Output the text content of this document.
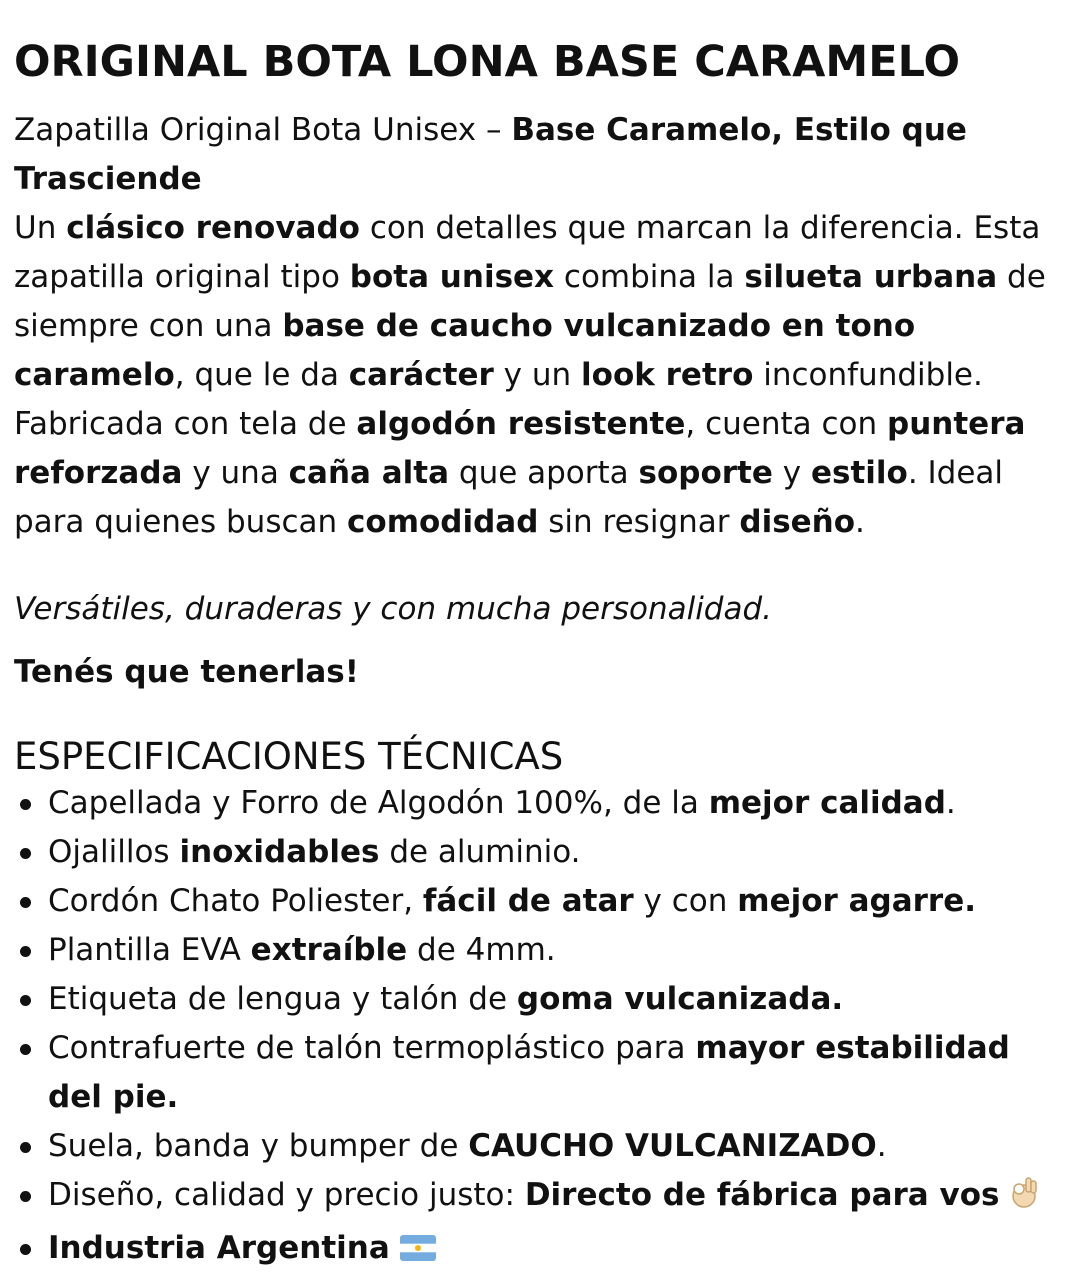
ORIGINAL BOTA LONA BASE CARAMELO

Zapatilla Original Bota Unisex – Base Caramelo, Estilo que Trasciende

Un clásico renovado con detalles que marcan la diferencia. Esta zapatilla original tipo bota unisex combina la silueta urbana de siempre con una base de caucho vulcanizado en tono caramelo, que le da carácter y un look retro inconfundible.

Fabricada con tela de algodón resistente, cuenta con puntera reforzada y una caña alta que aporta soporte y estilo. Ideal para quienes buscan comodidad sin resignar diseño.

Versátiles, duraderas y con mucha personalidad.

Tenés que tenerlas!

ESPECIFICACIONES TÉCNICAS
Capellada y Forro de Algodón 100%, de la mejor calidad.
Ojalillos inoxidables de aluminio.
Cordón Chato Poliester, fácil de atar y con mejor agarre.
Plantilla EVA extraíble de 4mm.
Etiqueta de lengua y talón de goma vulcanizada.
Contrafuerte de talón termoplástico para mayor estabilidad del pie.
Suela, banda y bumper de CAUCHO VULCANIZADO.
Diseño, calidad y precio justo: Directo de fábrica para vos
Industria Argentina
